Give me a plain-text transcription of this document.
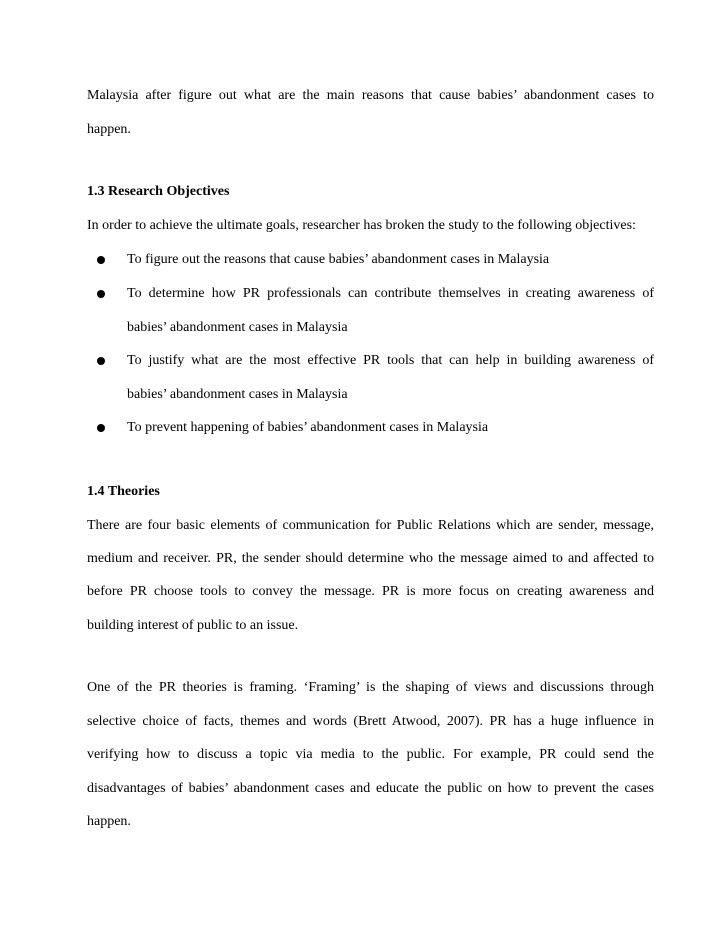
Malaysia after figure out what are the main reasons that cause babies’ abandonment cases to
happen.
1.3 Research Objectives
In order to achieve the ultimate goals, researcher has broken the study to the following objectives:
To figure out the reasons that cause babies’ abandonment cases in Malaysia
To determine how PR professionals can contribute themselves in creating awareness of
babies’ abandonment cases in Malaysia
To justify what are the most effective PR tools that can help in building awareness of
babies’ abandonment cases in Malaysia
To prevent happening of babies’ abandonment cases in Malaysia
1.4 Theories
There are four basic elements of communication for Public Relations which are sender, message,
medium and receiver. PR, the sender should determine who the message aimed to and affected to
before PR choose tools to convey the message. PR is more focus on creating awareness and
building interest of public to an issue.
One of the PR theories is framing. ‘Framing’ is the shaping of views and discussions through
selective choice of facts, themes and words (Brett Atwood, 2007). PR has a huge influence in
verifying how to discuss a topic via media to the public. For example, PR could send the
disadvantages of babies’ abandonment cases and educate the public on how to prevent the cases
happen.
